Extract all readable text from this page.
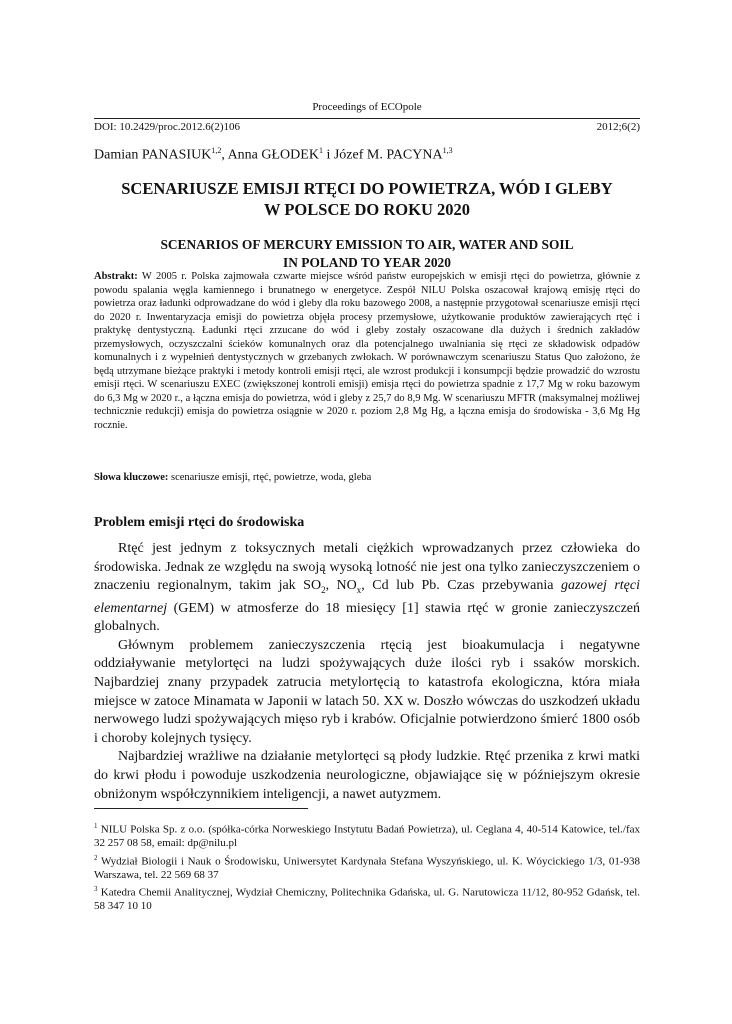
Proceedings of ECOpole
DOI: 10.2429/proc.2012.6(2)106	2012;6(2)
Damian PANASIUK$^{1,2}$, Anna GŁODEK$^1$ i Józef M. PACYNA$^{1,3}$
SCENARIUSZE EMISJI RTĘCI DO POWIETRZA, WÓD I GLEBY
W POLSCE DO ROKU 2020
SCENARIOS OF MERCURY EMISSION TO AIR, WATER AND SOIL
IN POLAND TO YEAR 2020
Abstrakt: W 2005 r. Polska zajmowała czwarte miejsce wśród państw europejskich w emisji rtęci do powietrza, głównie z powodu spalania węgla kamiennego i brunatnego w energetyce. Zespół NILU Polska oszacował krajową emisję rtęci do powietrza oraz ładunki odprowadzane do wód i gleby dla roku bazowego 2008, a następnie przygotował scenariusze emisji rtęci do 2020 r. Inwentaryzacja emisji do powietrza objęła procesy przemysłowe, użytkowanie produktów zawierających rtęć i praktykę dentystyczną. Ładunki rtęci zrzucane do wód i gleby zostały oszacowane dla dużych i średnich zakładów przemysłowych, oczyszczalni ścieków komunalnych oraz dla potencjalnego uwalniania się rtęci ze składowisk odpadów komunalnych i z wypełnień dentystycznych w grzebanych zwłokach. W porównawczym scenariuszu Status Quo założono, że będą utrzymane bieżące praktyki i metody kontroli emisji rtęci, ale wzrost produkcji i konsumpcji będzie prowadzić do wzrostu emisji rtęci. W scenariuszu EXEC (zwiększonej kontroli emisji) emisja rtęci do powietrza spadnie z 17,7 Mg w roku bazowym do 6,3 Mg w 2020 r., a łączna emisja do powietrza, wód i gleby z 25,7 do 8,9 Mg. W scenariuszu MFTR (maksymalnej możliwej technicznie redukcji) emisja do powietrza osiągnie w 2020 r. poziom 2,8 Mg Hg, a łączna emisja do środowiska - 3,6 Mg Hg rocznie.
Słowa kluczowe: scenariusze emisji, rtęć, powietrze, woda, gleba
Problem emisji rtęci do środowiska

Rtęć jest jednym z toksycznych metali ciężkich wprowadzanych przez człowieka do środowiska. Jednak ze względu na swoją wysoką lotność nie jest ona tylko zanieczyszczeniem o znaczeniu regionalnym, takim jak $SO_2$, $NO_x$, Cd lub Pb. Czas przebywania gazowej rtęci elementarnej (GEM) w atmosferze do 18 miesięcy [1] stawia rtęć w gronie zanieczyszczeń globalnych.

Głównym problemem zanieczyszczenia rtęcią jest bioakumulacja i negatywne oddziaływanie metylortęci na ludzi spożywających duże ilości ryb i ssaków morskich. Najbardziej znany przypadek zatrucia metylortęcią to katastrofa ekologiczna, która miała miejsce w zatoce Minamata w Japonii w latach 50. XX w. Doszło wówczas do uszkodzeń układu nerwowego ludzi spożywających mięso ryb i krabów. Oficjalnie potwierdzono śmierć 1800 osób i choroby kolejnych tysięcy.

Najbardziej wrażliwe na działanie metylortęci są płody ludzkie. Rtęć przenika z krwi matki do krwi płodu i powoduje uszkodzenia neurologiczne, objawiające się w późniejszym okresie obniżonym współczynnikiem inteligencji, a nawet autyzmem.

$^1$ NILU Polska Sp. z o.o. (spółka-córka Norweskiego Instytutu Badań Powietrza), ul. Ceglana 4, 40-514 Katowice, tel./fax 32 257 08 58, email: dp@nilu.pl

$^2$ Wydział Biologii i Nauk o Środowisku, Uniwersytet Kardynała Stefana Wyszyńskiego, ul. K. Wóycickiego 1/3, 01-938 Warszawa, tel. 22 569 68 37

$^3$ Katedra Chemii Analitycznej, Wydział Chemiczny, Politechnika Gdańska, ul. G. Narutowicza 11/12, 80-952 Gdańsk, tel. 58 347 10 10
